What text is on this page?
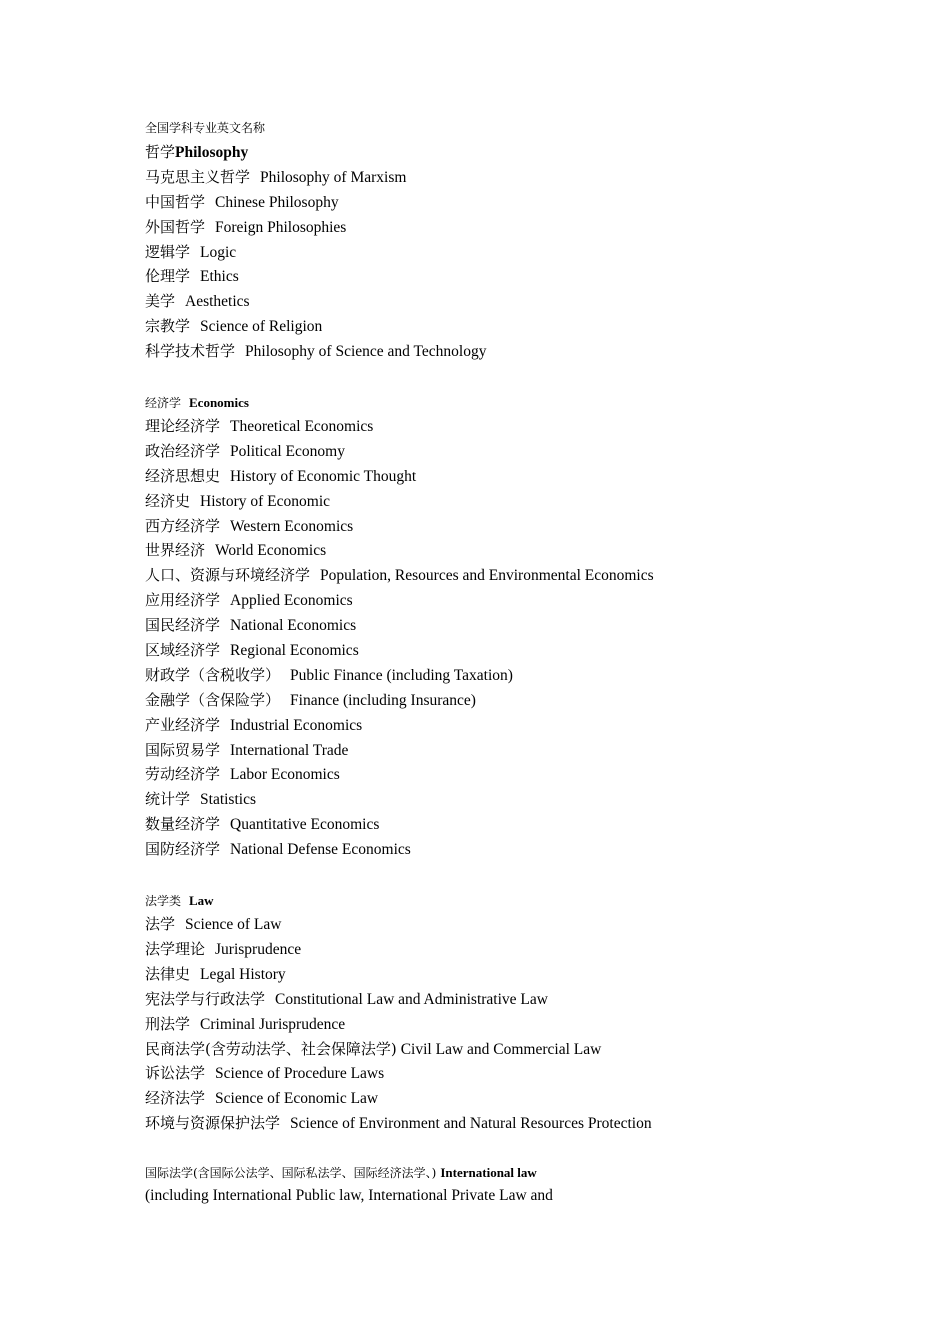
全国学科专业英文名称
哲学Philosophy
马克思主义哲学 Philosophy of Marxism
中国哲学 Chinese Philosophy
外国哲学 Foreign Philosophies
逻辑学 Logic
伦理学 Ethics
美学 Aesthetics
宗教学 Science of Religion
科学技术哲学 Philosophy of Science and Technology
经济学 Economics
理论经济学 Theoretical Economics
政治经济学 Political Economy
经济思想史 History of Economic Thought
经济史 History of Economic
西方经济学 Western Economics
世界经济 World Economics
人口、资源与环境经济学 Population, Resources and Environmental Economics
应用经济学 Applied Economics
国民经济学 National Economics
区域经济学 Regional Economics
财政学（含税收学） Public Finance (including Taxation)
金融学（含保险学） Finance (including Insurance)
产业经济学 Industrial Economics
国际贸易学 International Trade
劳动经济学 Labor Economics
统计学 Statistics
数量经济学 Quantitative Economics
国防经济学 National Defense Economics
法学类 Law
法学 Science of Law
法学理论 Jurisprudence
法律史 Legal History
宪法学与行政法学 Constitutional Law and Administrative Law
刑法学 Criminal Jurisprudence
民商法学(含劳动法学、社会保障法学) Civil Law and Commercial Law
诉讼法学 Science of Procedure Laws
经济法学 Science of Economic Law
环境与资源保护法学 Science of Environment and Natural Resources Protection
国际法学(含国际公法学、国际私法学、国际经济法学、) International law
(including International Public law, International Private Law and
